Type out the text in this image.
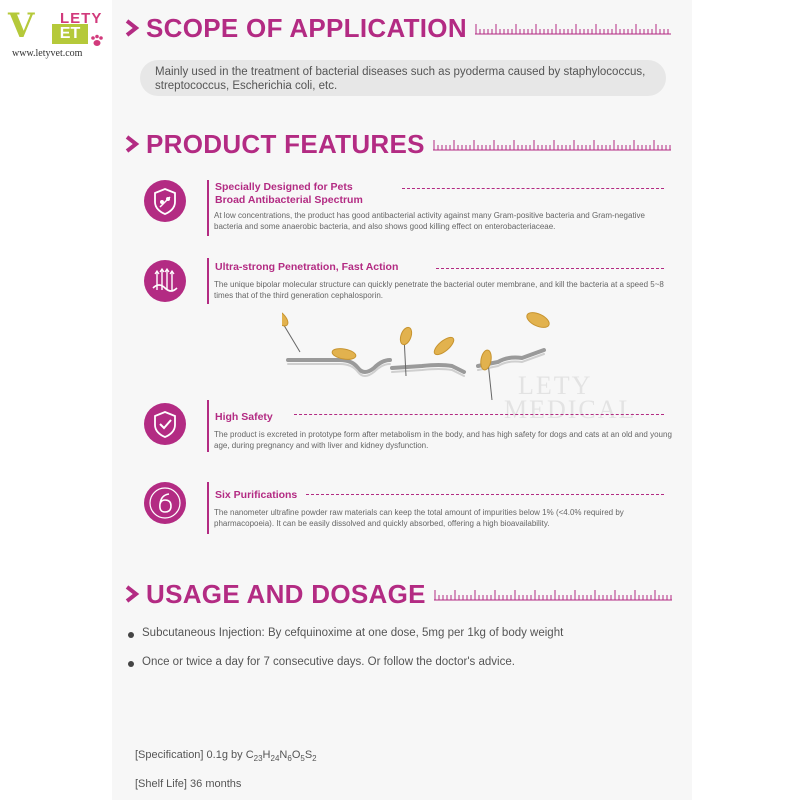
V	ET
LETY
www.letyvet.com
SCOPE OF APPLICATION
Mainly used in the treatment of bacterial diseases such as pyoderma caused by staphylococcus, streptococcus, Escherichia coli, etc.
PRODUCT FEATURES
Specially Designed for Pets
Broad Antibacterial Spectrum
At low concentrations, the product has good antibacterial activity against many Gram-positive bacteria and Gram-negative bacteria and some anaerobic bacteria, and also shows good killing effect on enterobacteriaceae.
Ultra-strong Penetration, Fast Action
The unique bipolar molecular structure can quickly penetrate the bacterial outer membrane, and kill the bacteria at a speed 5~8 times that of the third generation cephalosporin.
LETY
MEDICAL
High Safety
The product is excreted in prototype form after metabolism in the body, and has high safety for dogs and cats at an old and young age, during pregnancy and with liver and kidney dysfunction.
Six Purifications
The nanometer ultrafine powder raw materials can keep the total amount of impurities below 1% (<4.0% required by pharmacopoeia). It can be easily dissolved and quickly absorbed, offering a high bioavailability.
USAGE AND DOSAGE
Subcutaneous Injection: By cefquinoxime at one dose, 5mg per 1kg of body weight
Once or twice a day for 7 consecutive days. Or follow the doctor's advice.
[Specification] 0.1g by $C_{23}H_{24}N_6O_5S_2$
[Shelf Life] 36 months
